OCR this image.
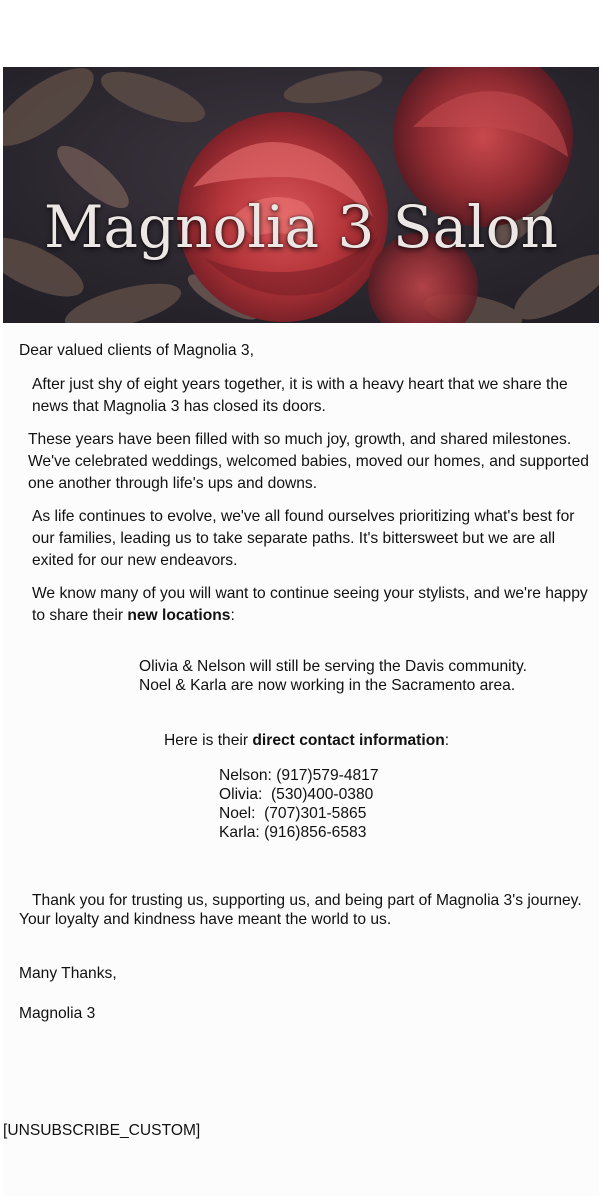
Magnolia 3 Salon

Dear valued clients of Magnolia 3,

After just shy of eight years together, it is with a heavy heart that we share the news that Magnolia 3 has closed its doors.

These years have been filled with so much joy, growth, and shared milestones. We've celebrated weddings, welcomed babies, moved our homes, and supported one another through life's ups and downs.

As life continues to evolve, we've all found ourselves prioritizing what's best for our families, leading us to take separate paths. It's bittersweet but we are all exited for our new endeavors.

We know many of you will want to continue seeing your stylists, and we're happy to share their new locations:

Olivia & Nelson will still be serving the Davis community.
Noel & Karla are now working in the Sacramento area.
Here is their direct contact information:
Nelson: (917)579-4817
Olivia:  (530)400-0380
Noel:  (707)301-5865
Karla: (916)856-6583
Thank you for trusting us, supporting us, and being part of Magnolia 3's journey. Your loyalty and kindness have meant the world to us.
Many Thanks,
Magnolia 3
[UNSUBSCRIBE_CUSTOM]
